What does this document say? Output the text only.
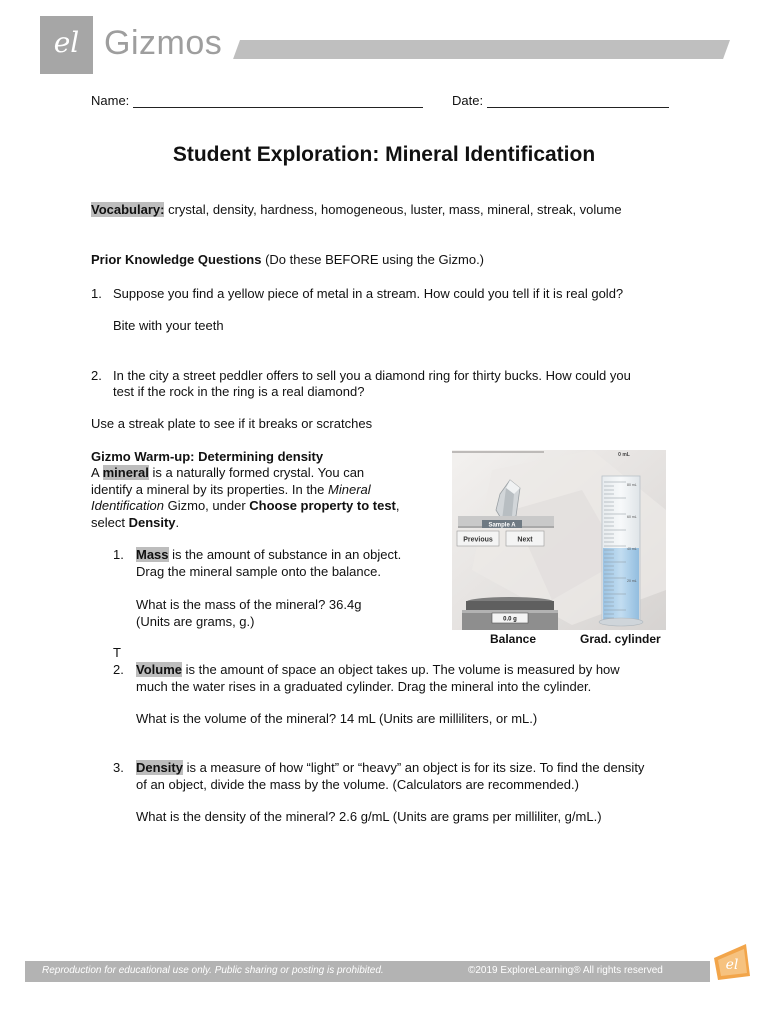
el Gizmos
Name:	Date:
Student Exploration: Mineral Identification
Vocabulary: crystal, density, hardness, homogeneous, luster, mass, mineral, streak, volume
Prior Knowledge Questions (Do these BEFORE using the Gizmo.)
1. Suppose you find a yellow piece of metal in a stream. How could you tell if it is real gold?
Bite with your teeth
2. In the city a street peddler offers to sell you a diamond ring for thirty bucks. How could you
test if the rock in the ring is a real diamond?
Use a streak plate to see if it breaks or scratches
Gizmo Warm-up: Determining density

A mineral is a naturally formed crystal. You can

identify a mineral by its properties. In the Mineral

Identification Gizmo, under Choose property to test,

select Density.

1. Mass is the amount of substance in an object.

Drag the mineral sample onto the balance.

What is the mass of the mineral? 36.4g

(Units are grams, g.)

T
2. Volume is the amount of space an object takes up. The volume is measured by how

much the water rises in a graduated cylinder. Drag the mineral into the cylinder.

What is the volume of the mineral? 14 mL (Units are milliliters, or mL.)
3. Density is a measure of how “light” or “heavy” an object is for its size. To find the density

of an object, divide the mass by the volume. (Calculators are recommended.)

What is the density of the mineral? 2.6 g/mL (Units are grams per milliliter, g/mL.)
Sample A
Previous	Next
0.0 g
0 mL
80 mL
60 mL
40 mL
20 mL
Balance	Grad. cylinder
Reproduction for educational use only. Public sharing or posting is prohibited.	©2019 ExploreLearning® All rights reserved	el
